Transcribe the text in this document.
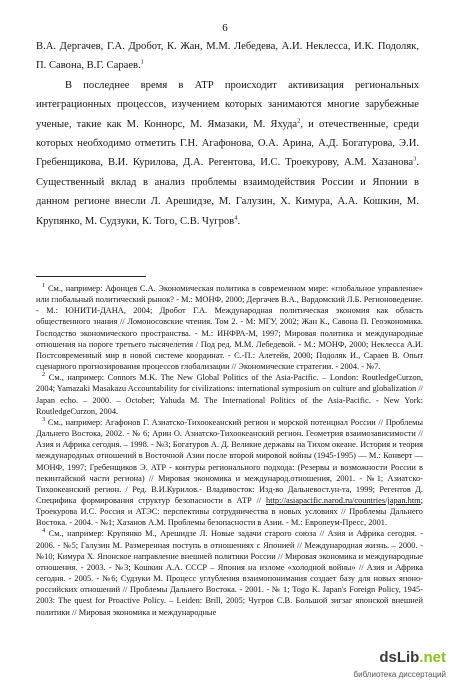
6

В.А. Дергачев, Г.А. Дробот, К. Жан, М.М. Лебедева, А.И. Неклесса, И.К. Подоляк, П. Савона, В.Г. Сараев.$^1$

В последнее время в АТР происходит активизация региональных интеграционных процессов, изучением которых занимаются многие зарубежные ученые, такие как М. Коннорс, М. Ямазаки, М. Яхуда$^2$, и отечественные, среди которых необходимо отметить Г.Н. Агафонова, О.А. Арина, А.Д. Богатурова, Э.И. Гребенщикова, В.И. Курилова, Д.А. Регентова, И.С. Троекурову, А.М. Хазанова$^3$. Существенный вклад в анализ проблемы взаимодействия России и Японии в данном регионе внесли Л. Арешидзе, М. Галузин, Х. Кимура, А.А. Кошкин, М. Крупянко, М. Судзуки, К. Того, С.В. Чугров$^4$.

$^1$ См., например: Афонцев С.А. Экономическая политика в современном мире: «глобальное управление» или глобальный политический рынок? - М.: МОНФ, 2000; Дергачев В.А., Вардомский Л.Б. Регионоведение. - М.: ЮНИТИ-ДАНА, 2004; Дробот Г.А. Международная политическая экономия как область общественного знания // Ломоносовские чтения. Том 2. - М: МГУ, 2002; Жан К., Савона П. Геоэкономика. Господство экономического пространства. - М.: ИНФРА-М, 1997; Мировая политика и международные отношения на пороге третьего тысячелетия / Под ред. М.М. Лебедевой. - М.: МОНФ, 2000; Неклесса А.И. Постсовременный мир в новой системе координат. - С.-П.: Алетейя, 2000; Подоляк И., Сараев В. Опыт сценарного прогнозирования процессов глобализации // Экономические стратегии. - 2004. - №7.

$^2$ См., например: Connors M.K. The New Global Politics of the Asia-Pacific. – London: RoutledgeCurzon, 2004; Yamazaki Masakazu Accountability for civilizations: international symposium on culture and globalization // Japan echo. – 2000. – October; Yahuda M. The International Politics of the Asia-Pacific. - New York: RoutledgeCurzon, 2004.

$^3$ См., например: Агафонов Г. Азиатско-Тихоокеанский регион и морской потенциал России // Проблемы Дальнего Востока, 2002. - № 6; Арин О. Азиатско-Тихоокеанский регион. Геометрия взаимозависимости // Азия и Африка сегодня. – 1998. - №3; Богатуров А. Д. Великие державы на Тихом океане. История и теория международных отношений в Восточной Азии после второй мировой войны (1945-1995) — М.: Конверт — МОНФ, 1997; Гребенщиков Э. АТР - контуры регионального подхода: (Резервы и возможности России в пекинтайской части региона) // Мировая экономика и международ.отношения, 2001. - №1; Азиатско-Тихоокеанский регион. / Ред. В.И.Курилов.- Владивосток: Изд-во Дальневост.ун-та, 1999; Регентов Д. Специфика формирования структур безопасности в АТР // http://asiapacific.narod.ru/countries/japan.htm; Троекурова И.С. Россия и АТЭС: перспективы сотрудничества в новых условиях // Проблемы Дальнего Востока. - 2004. - №1; Хазанов А.М. Проблемы безопасности в Азии. - М.: Европеум-Пресс, 2001.

$^4$ См., например: Крупянко М., Арешидзе Л. Новые задачи старого союза // Азия и Африка сегодня. - 2006. - №5; Галузин М. Размеренная поступь в отношениях с Японией // Международная жизнь. – 2000. - №10; Кимура Х. Японское направление внешней политики России // Мировая экономика и международные отношения. - 2003. - №3; Кошкин А.А. СССР – Япония на изломе «холодной войны» // Азия и Африка сегодня. - 2005. - №6; Судзуки М. Процесс углубления взаимопонимания создает базу для новых японо-российских отношений // Проблемы Дальнего Востока. - 2001. - № 1; Togo K. Japan's Foreign Policy, 1945-2003: The quest for Proactive Policy. – Leiden: Brill, 2005; Чугров С.В. Большой зигзаг японской внешней политики // Мировая экономика и международные

dsLib.net
библиотека диссертаций
